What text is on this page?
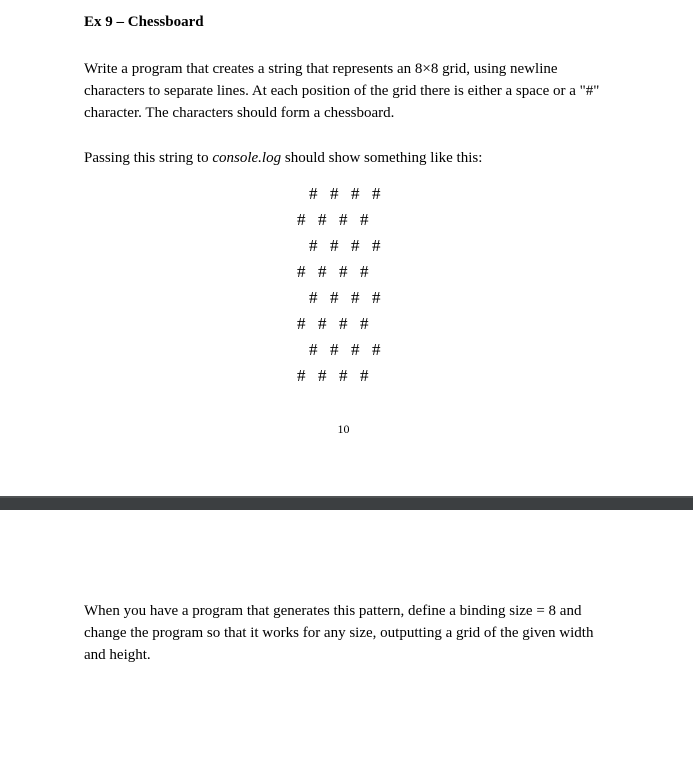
Ex 9 – Chessboard
Write a program that creates a string that represents an 8×8 grid, using newline
characters to separate lines. At each position of the grid there is either a space or a "#"
character. The characters should form a chessboard.
Passing this string to console.log should show something like this:
# # # #
# # # #
# # # #
# # # #
# # # #
# # # #
# # # #
# # # #
10
When you have a program that generates this pattern, define a binding size = 8 and
change the program so that it works for any size, outputting a grid of the given width
and height.
